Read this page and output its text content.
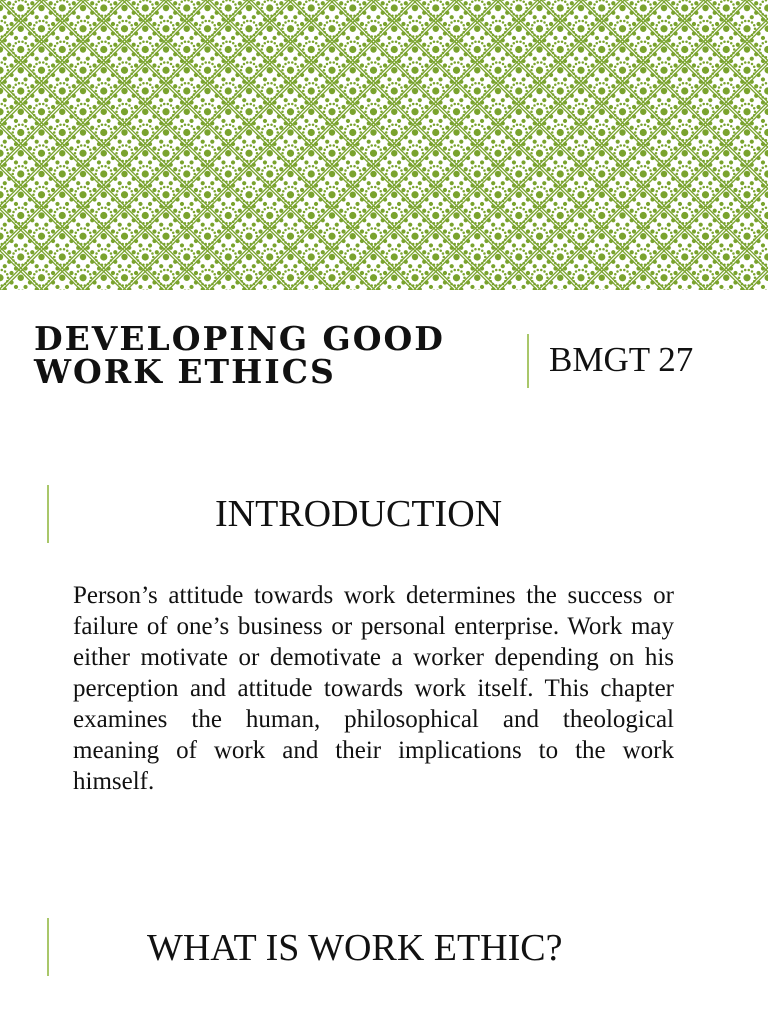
DEVELOPING GOOD
WORK ETHICS	BMGT 27

INTRODUCTION

Person’s attitude towards work determines the success or failure of one’s business or personal enterprise. Work may either motivate or demotivate a worker depending on his perception and attitude towards work itself. This chapter examines the human, philosophical and theological meaning of work and their implications to the work himself.

WHAT IS WORK ETHIC?
